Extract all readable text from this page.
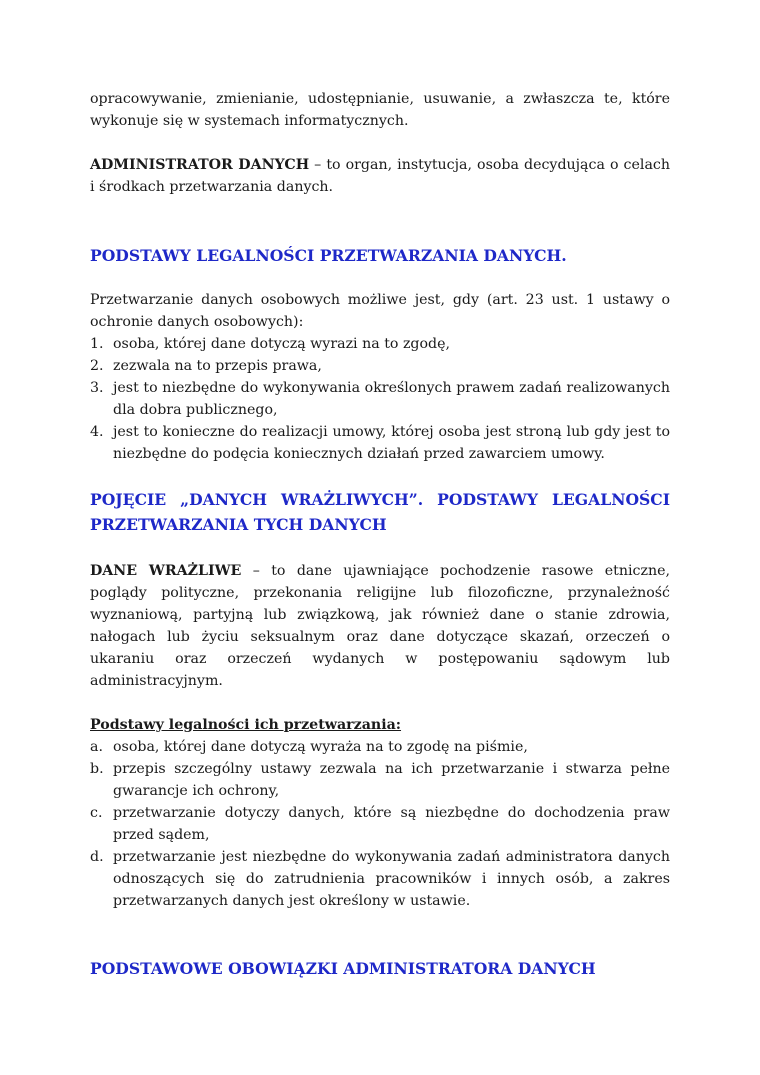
opracowywanie, zmienianie, udostępnianie, usuwanie, a zwłaszcza te, które wykonuje się w systemach informatycznych.

ADMINISTRATOR DANYCH – to organ, instytucja, osoba decydująca o celach i środkach przetwarzania danych.

PODSTAWY LEGALNOŚCI PRZETWARZANIA DANYCH.

Przetwarzanie danych osobowych możliwe jest, gdy (art. 23 ust. 1 ustawy o ochronie danych osobowych):

1. osoba, której dane dotyczą wyrazi na to zgodę,
2. zezwala na to przepis prawa,
3. jest to niezbędne do wykonywania określonych prawem zadań realizowanych dla dobra publicznego,
4. jest to konieczne do realizacji umowy, której osoba jest stroną lub gdy jest to niezbędne do podęcia koniecznych działań przed zawarciem umowy.
POJĘCIE „DANYCH WRAŻLIWYCH”. PODSTAWY LEGALNOŚCI PRZETWARZANIA TYCH DANYCH

DANE WRAŻLIWE – to dane ujawniające pochodzenie rasowe etniczne, poglądy polityczne, przekonania religijne lub filozoficzne, przynależność wyznaniową, partyjną lub związkową, jak również dane o stanie zdrowia, nałogach lub życiu seksualnym oraz dane dotyczące skazań, orzeczeń o ukaraniu oraz orzeczeń wydanych w postępowaniu sądowym lub administracyjnym.

Podstawy legalności ich przetwarzania:

a. osoba, której dane dotyczą wyraża na to zgodę na piśmie,
b. przepis szczególny ustawy zezwala na ich przetwarzanie i stwarza pełne gwarancje ich ochrony,
c. przetwarzanie dotyczy danych, które są niezbędne do dochodzenia praw przed sądem,
d. przetwarzanie jest niezbędne do wykonywania zadań administratora danych odnoszących się do zatrudnienia pracowników i innych osób, a zakres przetwarzanych danych jest określony w ustawie.
PODSTAWOWE OBOWIĄZKI ADMINISTRATORA DANYCH
